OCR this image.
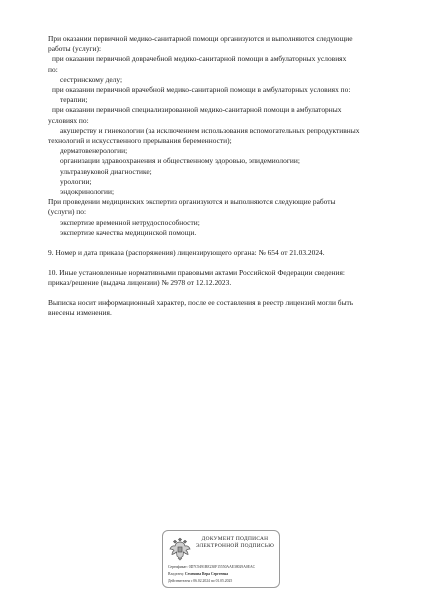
При оказании первичной медико-санитарной помощи организуются и выполняются следующие
работы (услуги):
при оказании первичной доврачебной медико-санитарной помощи в амбулаторных условиях
по:
сестринскому делу;
при оказании первичной врачебной медико-санитарной помощи в амбулаторных условиях по:
терапии;
при оказании первичной специализированной медико-санитарной помощи в амбулаторных
условиях по:
акушерству и гинекологии (за исключением использования вспомогательных репродуктивных
технологий и искусственного прерывания беременности);
дерматовенерологии;
организации здравоохранения и общественному здоровью, эпидемиологии;
ультразвуковой диагностике;
урологии;
эндокринологии;
При проведении медицинских экспертиз организуются и выполняются следующие работы
(услуги) по:
экспертизе временной нетрудоспособности;
экспертизе качества медицинской помощи.
9. Номер и дата приказа (распоряжения) лицензирующего органа: № 654 от 21.03.2024.
10. Иные установленные нормативными правовыми актами Российской Федерации сведения:
приказ/решение (выдача лицензии) № 2978 от 12.12.2023.
Выписка носит информационный характер, после ее составления в реестр лицензий могли быть
внесены изменения.
ДОКУМЕНТ ПОДПИСАН
ЭЛЕКТРОННОЙ ПОДПИСЬЮ
Сертификат: 0D7C9491BE230F15550AAE38029A0EAC
Владелец: Семенова Вера Сергеевна
Действителен с 06.02.2024 по 01.05.2025
